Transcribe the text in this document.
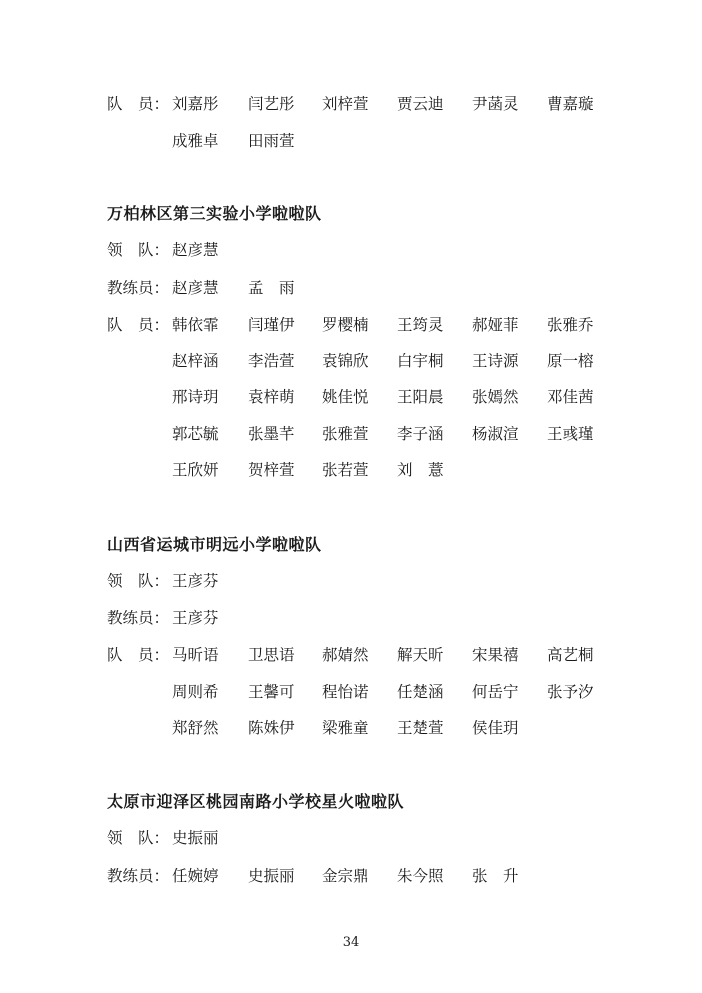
队　员： 刘嘉彤 闫艺彤 刘梓萱 贾云迪 尹菡灵 曹嘉璇
成雅卓 田雨萱
万柏林区第三实验小学啦啦队
领　队： 赵彦慧
教练员： 赵彦慧 孟　雨
队　员： 韩依霏 闫瑾伊 罗樱楠 王筠灵 郝娅菲 张雅乔
赵梓涵 李浩萱 袁锦欣 白宇桐 王诗源 原一榕
邢诗玥 袁梓萌 姚佳悦 王阳晨 张嫣然 邓佳茜
郭芯毓 张墨芊 张雅萱 李子涵 杨淑渲 王彧瑾
王欣妍 贺梓萱 张若萱 刘　薏
山西省运城市明远小学啦啦队
领　队： 王彦芬
教练员： 王彦芬
队　员： 马昕语 卫思语 郝婧然 解天昕 宋果禧 高艺桐
周则希 王馨可 程怡诺 任楚涵 何岳宁 张予汐
郑舒然 陈姝伊 梁雅童 王楚萱 侯佳玥
太原市迎泽区桃园南路小学校星火啦啦队
领　队： 史振丽
教练员： 任婉婷 史振丽 金宗鼎 朱今照 张　升
34
